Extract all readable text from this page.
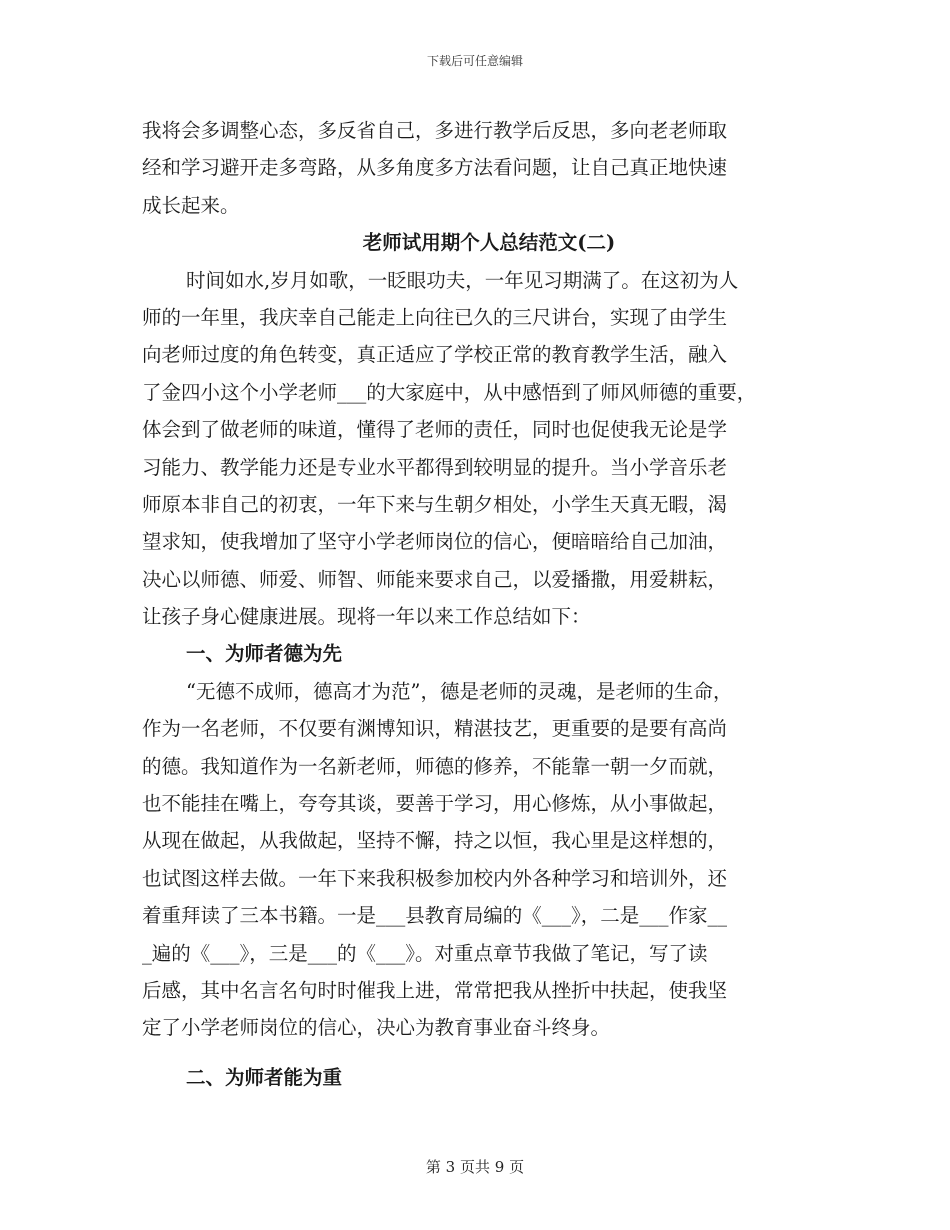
下载后可任意编辑
我将会多调整心态，多反省自己，多进行教学后反思，多向老老师取
经和学习避开走多弯路，从多角度多方法看问题，让自己真正地快速
成长起来。
老师试用期个人总结范文(二)
时间如水,岁月如歌，一眨眼功夫，一年见习期满了。在这初为人
师的一年里，我庆幸自己能走上向往已久的三尺讲台，实现了由学生
向老师过度的角色转变，真正适应了学校正常的教育教学生活，融入
了金四小这个小学老师___的大家庭中，从中感悟到了师风师德的重要，
体会到了做老师的味道，懂得了老师的责任，同时也促使我无论是学
习能力、教学能力还是专业水平都得到较明显的提升。当小学音乐老
师原本非自己的初衷，一年下来与生朝夕相处，小学生天真无暇，渴
望求知，使我增加了坚守小学老师岗位的信心，便暗暗给自己加油，
决心以师德、师爱、师智、师能来要求自己，以爱播撒，用爱耕耘，
让孩子身心健康进展。现将一年以来工作总结如下：
一、为师者德为先
“无德不成师，德高才为范”，德是老师的灵魂，是老师的生命，
作为一名老师，不仅要有渊博知识，精湛技艺，更重要的是要有高尚
的德。我知道作为一名新老师，师德的修养，不能靠一朝一夕而就，
也不能挂在嘴上，夸夸其谈，要善于学习，用心修炼，从小事做起，
从现在做起，从我做起，坚持不懈，持之以恒，我心里是这样想的，
也试图这样去做。一年下来我积极参加校内外各种学习和培训外，还
着重拜读了三本书籍。一是___县教育局编的《___》，二是___作家__
_遍的《___》，三是___的《___》。对重点章节我做了笔记，写了读
后感，其中名言名句时时催我上进，常常把我从挫折中扶起，使我坚
定了小学老师岗位的信心，决心为教育事业奋斗终身。
二、为师者能为重
第 3 页共 9 页
